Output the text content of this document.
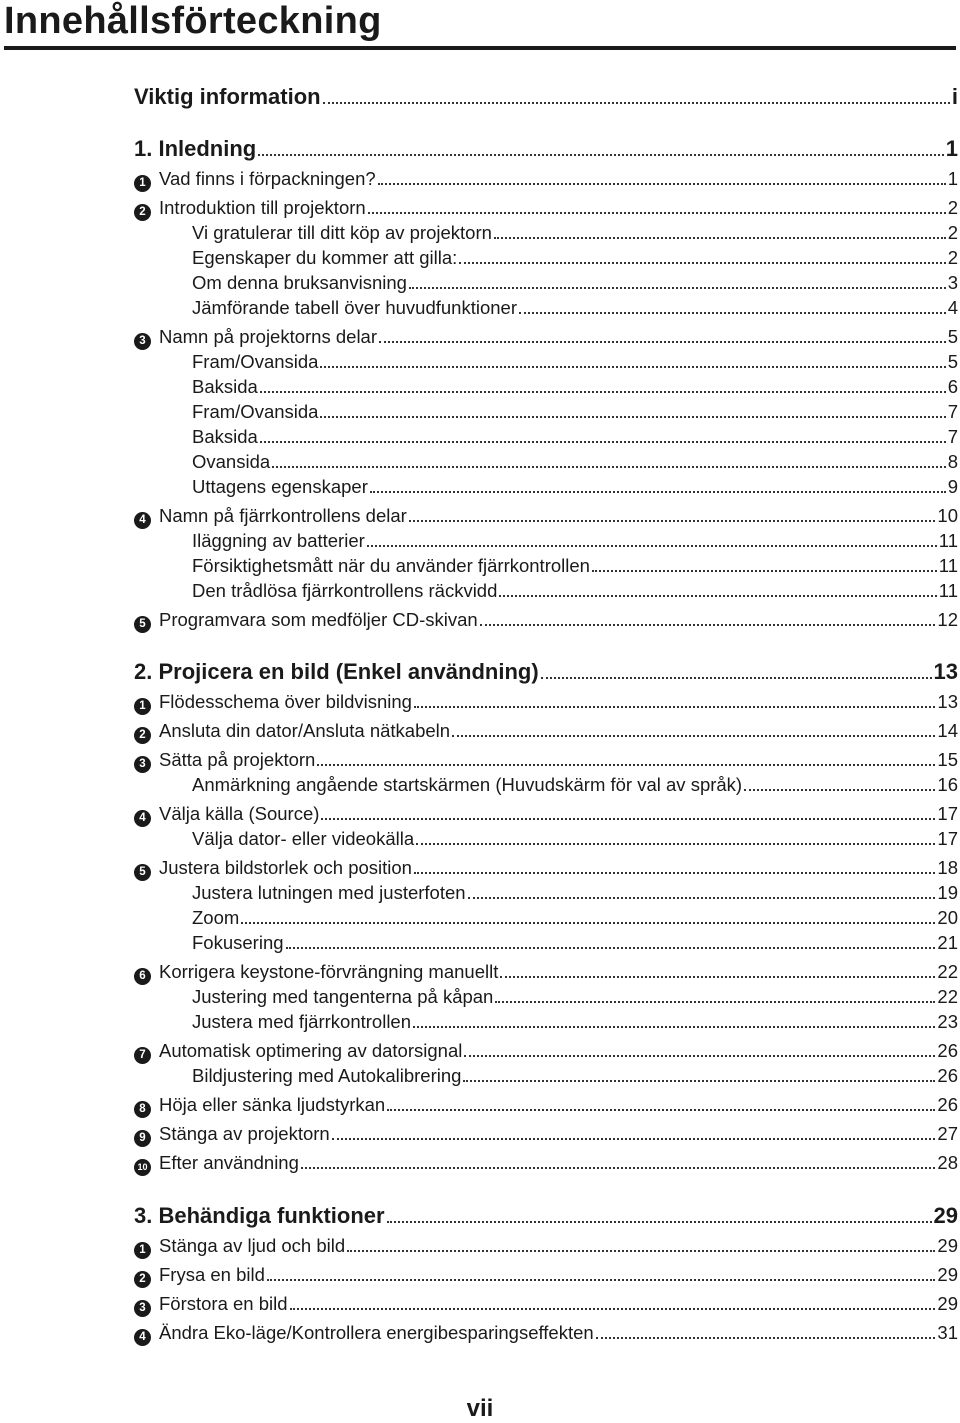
Innehållsförteckning
Viktig information	i
1. Inledning	1
1 Vad finns i förpackningen?	1
2 Introduktion till projektorn	2
Vi gratulerar till ditt köp av projektorn	2
Egenskaper du kommer att gilla:	2
Om denna bruksanvisning	3
Jämförande tabell över huvudfunktioner	4
3 Namn på projektorns delar	5
Fram/Ovansida	5
Baksida	6
Fram/Ovansida	7
Baksida	7
Ovansida	8
Uttagens egenskaper	9
4 Namn på fjärrkontrollens delar	10
Iläggning av batterier	11
Försiktighetsmått när du använder fjärrkontrollen	11
Den trådlösa fjärrkontrollens räckvidd	11
5 Programvara som medföljer CD-skivan	12
2. Projicera en bild (Enkel användning)	13
1 Flödesschema över bildvisning	13
2 Ansluta din dator/Ansluta nätkabeln	14
3 Sätta på projektorn	15
Anmärkning angående startskärmen (Huvudskärm för val av språk)	16
4 Välja källa (Source)	17
Välja dator- eller videokälla	17
5 Justera bildstorlek och position	18
Justera lutningen med justerfoten	19
Zoom	20
Fokusering	21
6 Korrigera keystone-förvrängning manuellt	22
Justering med tangenterna på kåpan	22
Justera med fjärrkontrollen	23
7 Automatisk optimering av datorsignal	26
Bildjustering med Autokalibrering	26
8 Höja eller sänka ljudstyrkan	26
9 Stänga av projektorn	27
10 Efter användning	28
3. Behändiga funktioner	29
1 Stänga av ljud och bild	29
2 Frysa en bild	29
3 Förstora en bild	29
4 Ändra Eko-läge/Kontrollera energibesparingseffekten	31
vii
